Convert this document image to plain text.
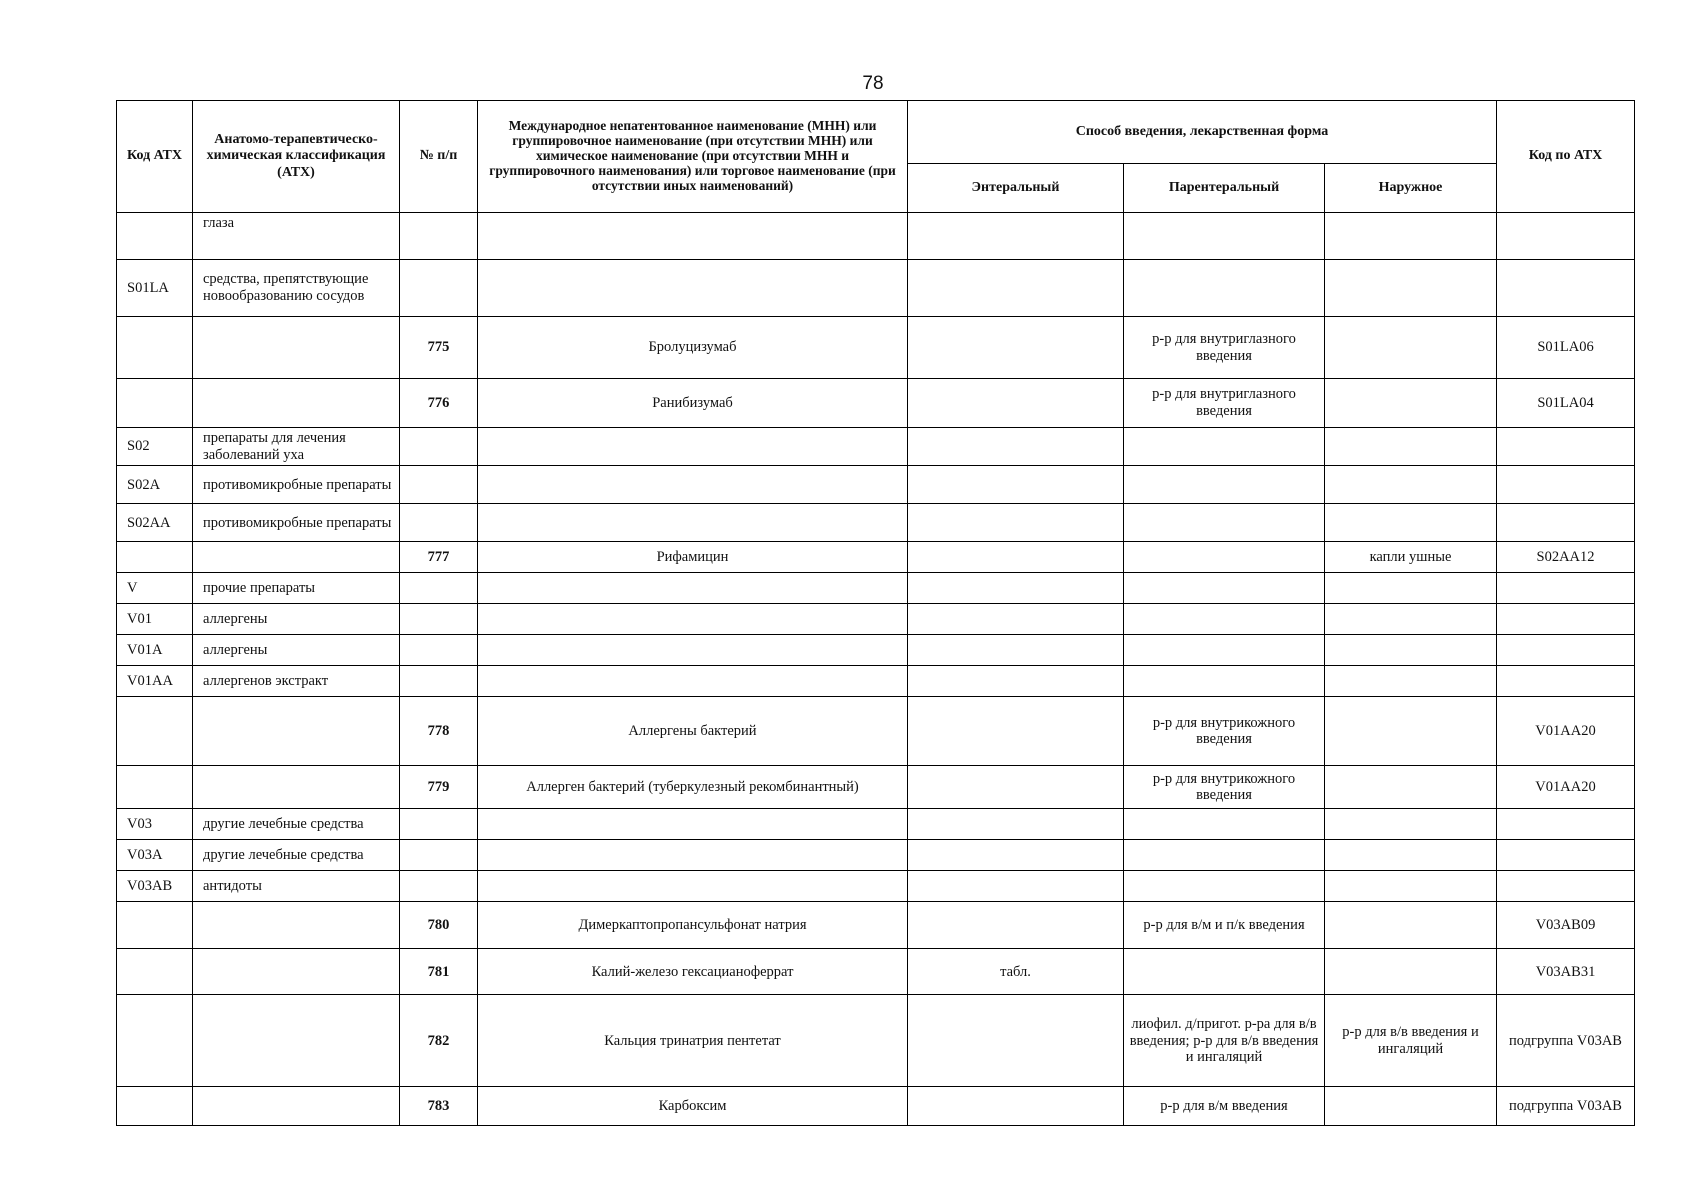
78
Код АТХ	Анатомо-терапевтическо-химическая классификация (АТХ)	№ п/п	Международное непатентованное наименование (МНН) или группировочное наименование (при отсутствии МНН) или химическое наименование (при отсутствии МНН и группировочного наименования) или торговое наименование (при отсутствии иных наименований)	Способ введения, лекарственная форма			Код по АТХ
				Энтеральный	Парентеральный	Наружное	
	глаза						
S01LA	средства, препятствующие новообразованию сосудов						
		775	Бролуцизумаб		р-р для внутриглазного введения		S01LA06
		776	Ранибизумаб		р-р для внутриглазного введения		S01LA04
S02	препараты для лечения заболеваний уха						
S02A	противомикробные препараты						
S02AA	противомикробные препараты						
		777	Рифамицин			капли ушные	S02AA12
V	прочие препараты						
V01	аллергены						
V01A	аллергены						
V01AA	аллергенов экстракт						
		778	Аллергены бактерий		р-р для внутрикожного введения		V01AA20
		779	Аллерген бактерий (туберкулезный рекомбинантный)		р-р для внутрикожного введения		V01AA20
V03	другие лечебные средства						
V03A	другие лечебные средства						
V03AB	антидоты						
		780	Димеркаптопропансульфонат натрия		р-р для в/м и п/к введения		V03AB09
		781	Калий-железо гексацианоферрат	табл.			V03AB31
		782	Кальция тринатрия пентетат		лиофил. д/пригот. р-ра для в/в введения; р-р для в/в введения и ингаляций	р-р для в/в введения и ингаляций	подгруппа V03AB
		783	Карбоксим		р-р для в/м введения		подгруппа V03AB
